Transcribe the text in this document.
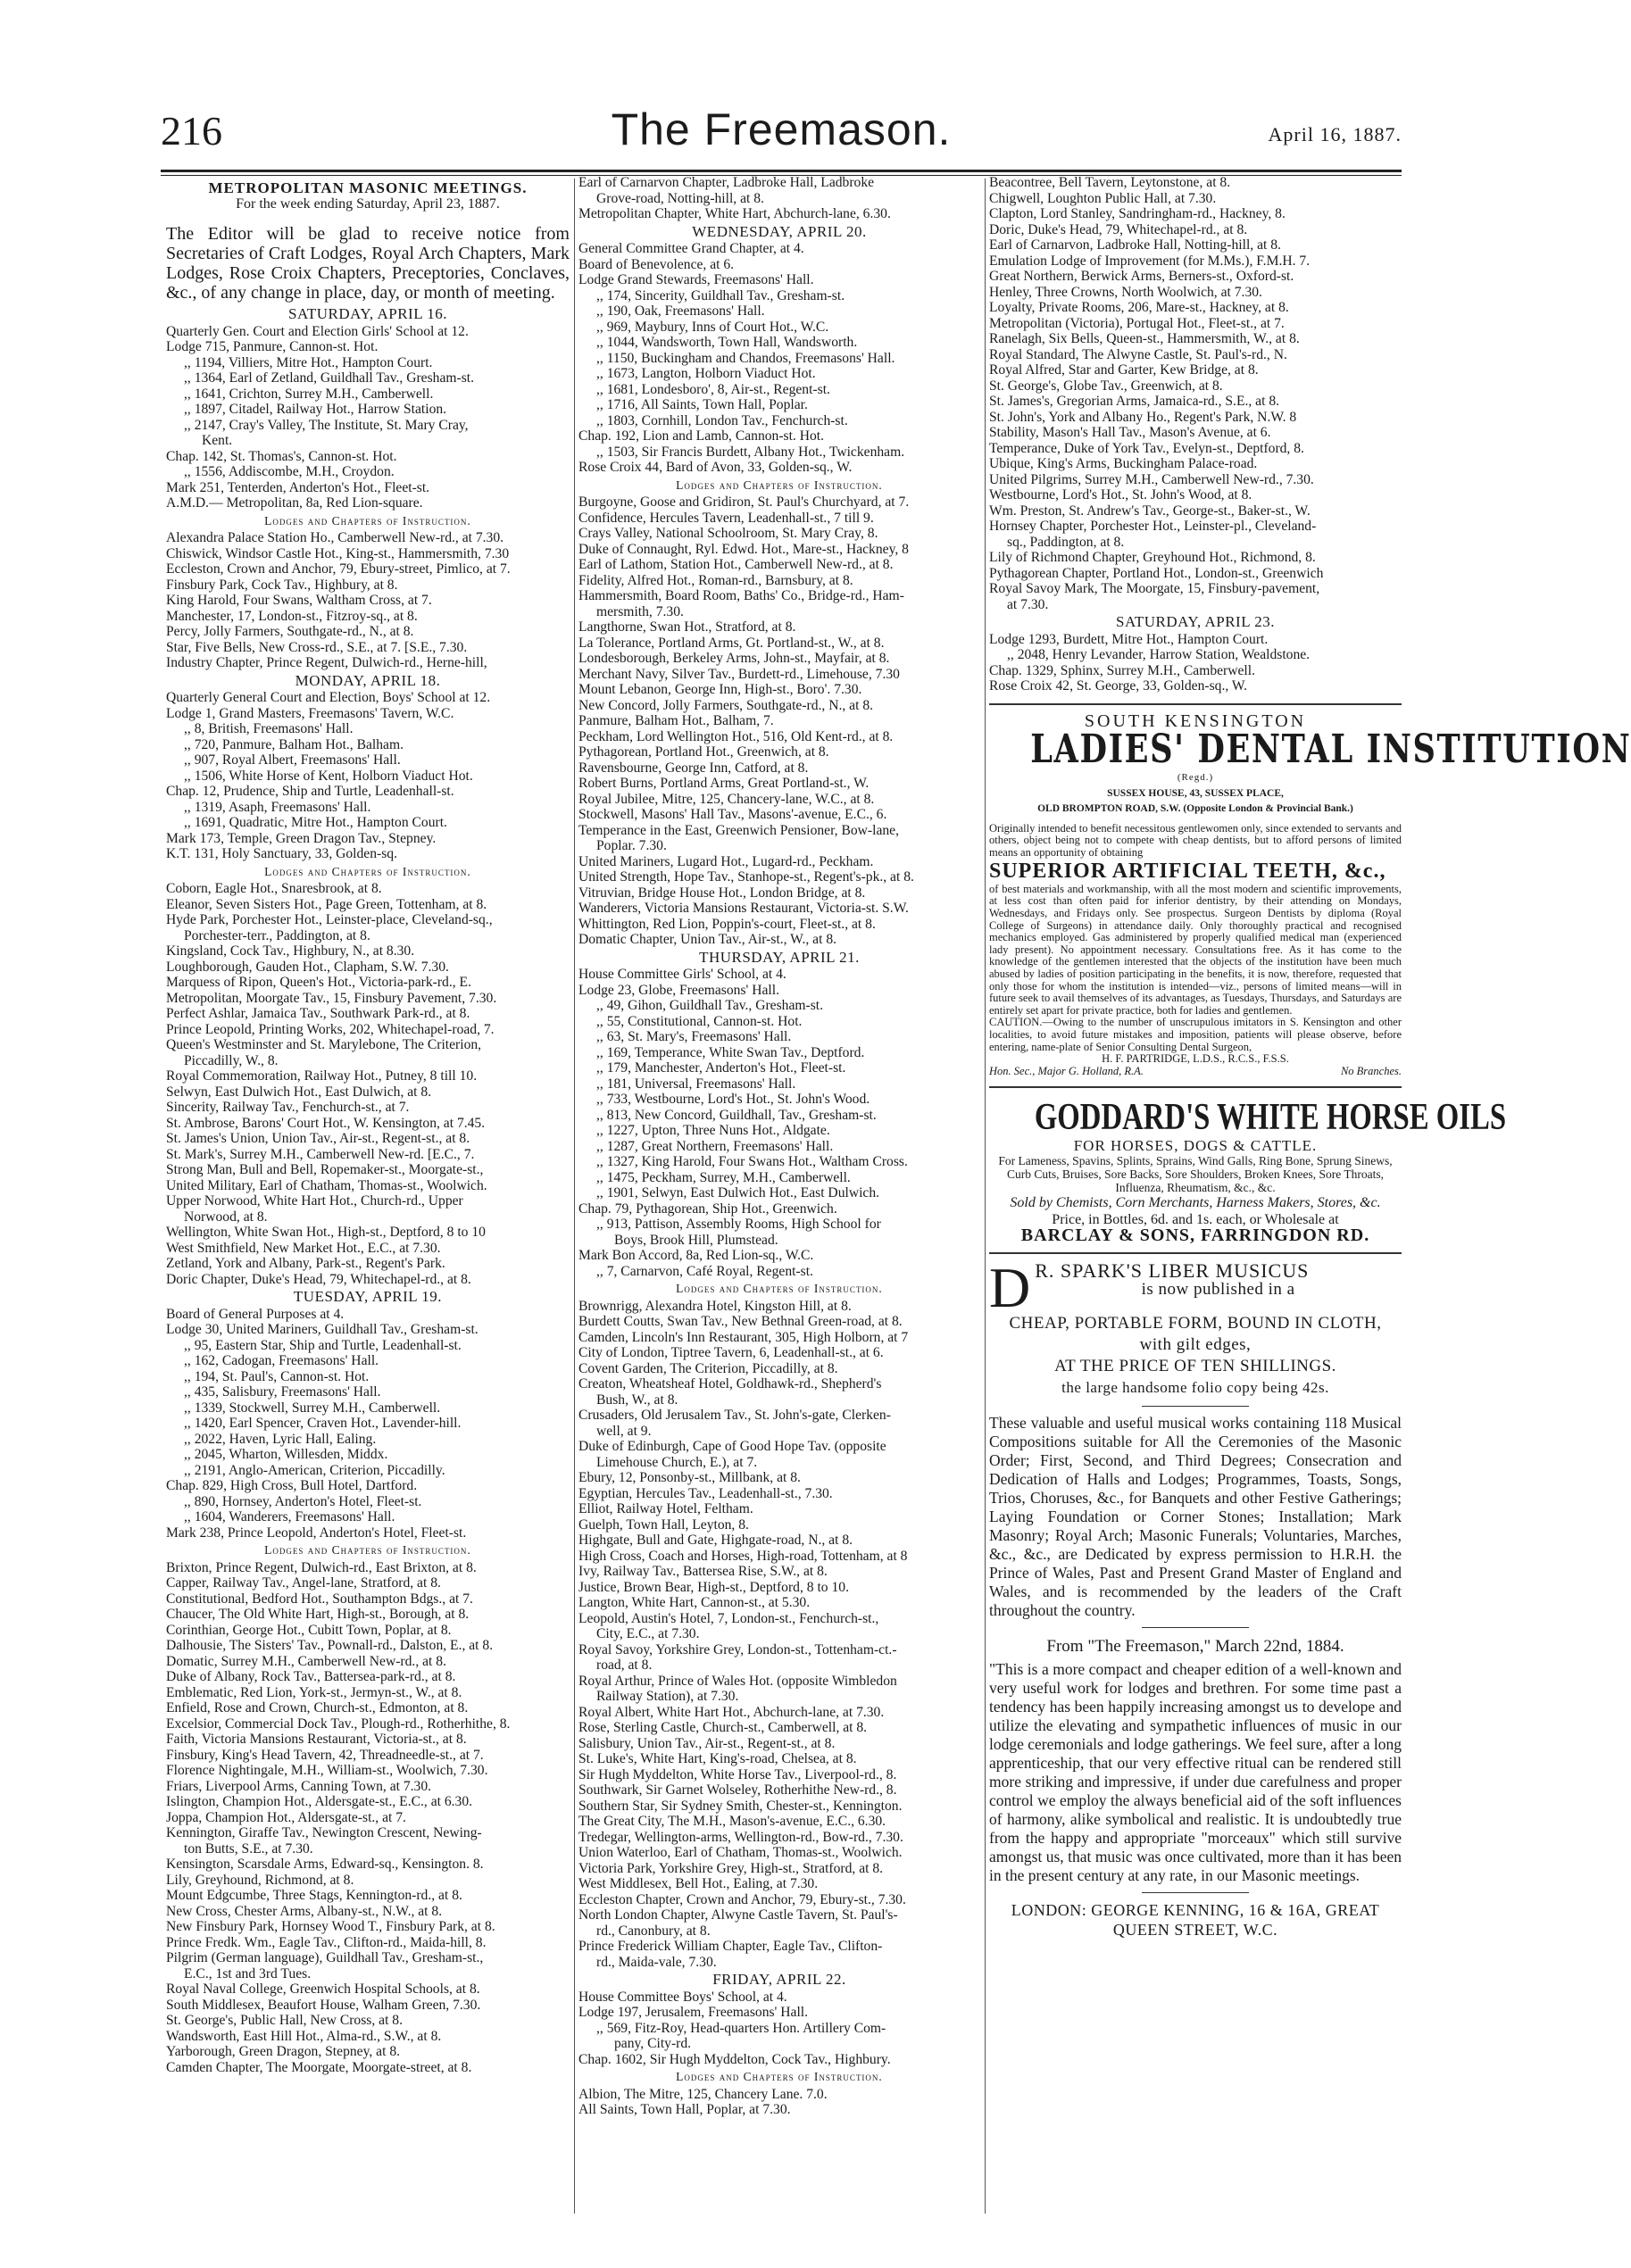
216	The Freemason.	April 16, 1887.
METROPOLITAN MASONIC MEETINGS.
For the week ending Saturday, April 23, 1887.
The Editor will be glad to receive notice from Secretaries of Craft Lodges, Royal Arch Chapters, Mark Lodges, Rose Croix Chapters, Preceptories, Conclaves, &c., of any change in place, day, or month of meeting.
SATURDAY, APRIL 16.
Quarterly Gen. Court and Election Girls' School at 12.
Lodge 715, Panmure, Cannon-st. Hot.
,, 1194, Villiers, Mitre Hot., Hampton Court.
,, 1364, Earl of Zetland, Guildhall Tav., Gresham-st.
,, 1641, Crichton, Surrey M.H., Camberwell.
,, 1897, Citadel, Railway Hot., Harrow Station.
,, 2147, Cray's Valley, The Institute, St. Mary Cray,
Kent.
Chap. 142, St. Thomas's, Cannon-st. Hot.
,, 1556, Addiscombe, M.H., Croydon.
Mark 251, Tenterden, Anderton's Hot., Fleet-st.
A.M.D.— Metropolitan, 8a, Red Lion-square.
Lodges and Chapters of Instruction.
Alexandra Palace Station Ho., Camberwell New-rd., at 7.30.
Chiswick, Windsor Castle Hot., King-st., Hammersmith, 7.30
Eccleston, Crown and Anchor, 79, Ebury-street, Pimlico, at 7.
Finsbury Park, Cock Tav., Highbury, at 8.
King Harold, Four Swans, Waltham Cross, at 7.
Manchester, 17, London-st., Fitzroy-sq., at 8.
Percy, Jolly Farmers, Southgate-rd., N., at 8.
Star, Five Bells, New Cross-rd., S.E., at 7. [S.E., 7.30.
Industry Chapter, Prince Regent, Dulwich-rd., Herne-hill,
MONDAY, APRIL 18.
Quarterly General Court and Election, Boys' School at 12.
Lodge 1, Grand Masters, Freemasons' Tavern, W.C.
,, 8, British, Freemasons' Hall.
,, 720, Panmure, Balham Hot., Balham.
,, 907, Royal Albert, Freemasons' Hall.
,, 1506, White Horse of Kent, Holborn Viaduct Hot.
Chap. 12, Prudence, Ship and Turtle, Leadenhall-st.
,, 1319, Asaph, Freemasons' Hall.
,, 1691, Quadratic, Mitre Hot., Hampton Court.
Mark 173, Temple, Green Dragon Tav., Stepney.
K.T. 131, Holy Sanctuary, 33, Golden-sq.
Lodges and Chapters of Instruction.
Coborn, Eagle Hot., Snaresbrook, at 8.
Eleanor, Seven Sisters Hot., Page Green, Tottenham, at 8.
Hyde Park, Porchester Hot., Leinster-place, Cleveland-sq.,
Porchester-terr., Paddington, at 8.
Kingsland, Cock Tav., Highbury, N., at 8.30.
Loughborough, Gauden Hot., Clapham, S.W. 7.30.
Marquess of Ripon, Queen's Hot., Victoria-park-rd., E.
Metropolitan, Moorgate Tav., 15, Finsbury Pavement, 7.30.
Perfect Ashlar, Jamaica Tav., Southwark Park-rd., at 8.
Prince Leopold, Printing Works, 202, Whitechapel-road, 7.
Queen's Westminster and St. Marylebone, The Criterion,
Piccadilly, W., 8.
Royal Commemoration, Railway Hot., Putney, 8 till 10.
Selwyn, East Dulwich Hot., East Dulwich, at 8.
Sincerity, Railway Tav., Fenchurch-st., at 7.
St. Ambrose, Barons' Court Hot., W. Kensington, at 7.45.
St. James's Union, Union Tav., Air-st., Regent-st., at 8.
St. Mark's, Surrey M.H., Camberwell New-rd. [E.C., 7.
Strong Man, Bull and Bell, Ropemaker-st., Moorgate-st.,
United Military, Earl of Chatham, Thomas-st., Woolwich.
Upper Norwood, White Hart Hot., Church-rd., Upper
Norwood, at 8.
Wellington, White Swan Hot., High-st., Deptford, 8 to 10
West Smithfield, New Market Hot., E.C., at 7.30.
Zetland, York and Albany, Park-st., Regent's Park.
Doric Chapter, Duke's Head, 79, Whitechapel-rd., at 8.
TUESDAY, APRIL 19.
Board of General Purposes at 4.
Lodge 30, United Mariners, Guildhall Tav., Gresham-st.
,, 95, Eastern Star, Ship and Turtle, Leadenhall-st.
,, 162, Cadogan, Freemasons' Hall.
,, 194, St. Paul's, Cannon-st. Hot.
,, 435, Salisbury, Freemasons' Hall.
,, 1339, Stockwell, Surrey M.H., Camberwell.
,, 1420, Earl Spencer, Craven Hot., Lavender-hill.
,, 2022, Haven, Lyric Hall, Ealing.
,, 2045, Wharton, Willesden, Middx.
,, 2191, Anglo-American, Criterion, Piccadilly.
Chap. 829, High Cross, Bull Hotel, Dartford.
,, 890, Hornsey, Anderton's Hotel, Fleet-st.
,, 1604, Wanderers, Freemasons' Hall.
Mark 238, Prince Leopold, Anderton's Hotel, Fleet-st.
Lodges and Chapters of Instruction.
Brixton, Prince Regent, Dulwich-rd., East Brixton, at 8.
Capper, Railway Tav., Angel-lane, Stratford, at 8.
Constitutional, Bedford Hot., Southampton Bdgs., at 7.
Chaucer, The Old White Hart, High-st., Borough, at 8.
Corinthian, George Hot., Cubitt Town, Poplar, at 8.
Dalhousie, The Sisters' Tav., Pownall-rd., Dalston, E., at 8.
Domatic, Surrey M.H., Camberwell New-rd., at 8.
Duke of Albany, Rock Tav., Battersea-park-rd., at 8.
Emblematic, Red Lion, York-st., Jermyn-st., W., at 8.
Enfield, Rose and Crown, Church-st., Edmonton, at 8.
Excelsior, Commercial Dock Tav., Plough-rd., Rotherhithe, 8.
Faith, Victoria Mansions Restaurant, Victoria-st., at 8.
Finsbury, King's Head Tavern, 42, Threadneedle-st., at 7.
Florence Nightingale, M.H., William-st., Woolwich, 7.30.
Friars, Liverpool Arms, Canning Town, at 7.30.
Islington, Champion Hot., Aldersgate-st., E.C., at 6.30.
Joppa, Champion Hot., Aldersgate-st., at 7.
Kennington, Giraffe Tav., Newington Crescent, Newing-
ton Butts, S.E., at 7.30.
Kensington, Scarsdale Arms, Edward-sq., Kensington. 8.
Lily, Greyhound, Richmond, at 8.
Mount Edgcumbe, Three Stags, Kennington-rd., at 8.
New Cross, Chester Arms, Albany-st., N.W., at 8.
New Finsbury Park, Hornsey Wood T., Finsbury Park, at 8.
Prince Fredk. Wm., Eagle Tav., Clifton-rd., Maida-hill, 8.
Pilgrim (German language), Guildhall Tav., Gresham-st.,
E.C., 1st and 3rd Tues.
Royal Naval College, Greenwich Hospital Schools, at 8.
South Middlesex, Beaufort House, Walham Green, 7.30.
St. George's, Public Hall, New Cross, at 8.
Wandsworth, East Hill Hot., Alma-rd., S.W., at 8.
Yarborough, Green Dragon, Stepney, at 8.
Camden Chapter, The Moorgate, Moorgate-street, at 8.
Earl of Carnarvon Chapter, Ladbroke Hall, Ladbroke
Grove-road, Notting-hill, at 8.
Metropolitan Chapter, White Hart, Abchurch-lane, 6.30.
WEDNESDAY, APRIL 20.
General Committee Grand Chapter, at 4.
Board of Benevolence, at 6.
Lodge Grand Stewards, Freemasons' Hall.
,, 174, Sincerity, Guildhall Tav., Gresham-st.
,, 190, Oak, Freemasons' Hall.
,, 969, Maybury, Inns of Court Hot., W.C.
,, 1044, Wandsworth, Town Hall, Wandsworth.
,, 1150, Buckingham and Chandos, Freemasons' Hall.
,, 1673, Langton, Holborn Viaduct Hot.
,, 1681, Londesboro', 8, Air-st., Regent-st.
,, 1716, All Saints, Town Hall, Poplar.
,, 1803, Cornhill, London Tav., Fenchurch-st.
Chap. 192, Lion and Lamb, Cannon-st. Hot.
,, 1503, Sir Francis Burdett, Albany Hot., Twickenham.
Rose Croix 44, Bard of Avon, 33, Golden-sq., W.
Lodges and Chapters of Instruction.
Burgoyne, Goose and Gridiron, St. Paul's Churchyard, at 7.
Confidence, Hercules Tavern, Leadenhall-st., 7 till 9.
Crays Valley, National Schoolroom, St. Mary Cray, 8.
Duke of Connaught, Ryl. Edwd. Hot., Mare-st., Hackney, 8
Earl of Lathom, Station Hot., Camberwell New-rd., at 8.
Fidelity, Alfred Hot., Roman-rd., Barnsbury, at 8.
Hammersmith, Board Room, Baths' Co., Bridge-rd., Ham-
mersmith, 7.30.
Langthorne, Swan Hot., Stratford, at 8.
La Tolerance, Portland Arms, Gt. Portland-st., W., at 8.
Londesborough, Berkeley Arms, John-st., Mayfair, at 8.
Merchant Navy, Silver Tav., Burdett-rd., Limehouse, 7.30
Mount Lebanon, George Inn, High-st., Boro'. 7.30.
New Concord, Jolly Farmers, Southgate-rd., N., at 8.
Panmure, Balham Hot., Balham, 7.
Peckham, Lord Wellington Hot., 516, Old Kent-rd., at 8.
Pythagorean, Portland Hot., Greenwich, at 8.
Ravensbourne, George Inn, Catford, at 8.
Robert Burns, Portland Arms, Great Portland-st., W.
Royal Jubilee, Mitre, 125, Chancery-lane, W.C., at 8.
Stockwell, Masons' Hall Tav., Masons'-avenue, E.C., 6.
Temperance in the East, Greenwich Pensioner, Bow-lane,
Poplar. 7.30.
United Mariners, Lugard Hot., Lugard-rd., Peckham.
United Strength, Hope Tav., Stanhope-st., Regent's-pk., at 8.
Vitruvian, Bridge House Hot., London Bridge, at 8.
Wanderers, Victoria Mansions Restaurant, Victoria-st. S.W.
Whittington, Red Lion, Poppin's-court, Fleet-st., at 8.
Domatic Chapter, Union Tav., Air-st., W., at 8.
THURSDAY, APRIL 21.
House Committee Girls' School, at 4.
Lodge 23, Globe, Freemasons' Hall.
,, 49, Gihon, Guildhall Tav., Gresham-st.
,, 55, Constitutional, Cannon-st. Hot.
,, 63, St. Mary's, Freemasons' Hall.
,, 169, Temperance, White Swan Tav., Deptford.
,, 179, Manchester, Anderton's Hot., Fleet-st.
,, 181, Universal, Freemasons' Hall.
,, 733, Westbourne, Lord's Hot., St. John's Wood.
,, 813, New Concord, Guildhall, Tav., Gresham-st.
,, 1227, Upton, Three Nuns Hot., Aldgate.
,, 1287, Great Northern, Freemasons' Hall.
,, 1327, King Harold, Four Swans Hot., Waltham Cross.
,, 1475, Peckham, Surrey, M.H., Camberwell.
,, 1901, Selwyn, East Dulwich Hot., East Dulwich.
Chap. 79, Pythagorean, Ship Hot., Greenwich.
,, 913, Pattison, Assembly Rooms, High School for
Boys, Brook Hill, Plumstead.
Mark Bon Accord, 8a, Red Lion-sq., W.C.
,, 7, Carnarvon, Café Royal, Regent-st.
Lodges and Chapters of Instruction.
Brownrigg, Alexandra Hotel, Kingston Hill, at 8.
Burdett Coutts, Swan Tav., New Bethnal Green-road, at 8.
Camden, Lincoln's Inn Restaurant, 305, High Holborn, at 7
City of London, Tiptree Tavern, 6, Leadenhall-st., at 6.
Covent Garden, The Criterion, Piccadilly, at 8.
Creaton, Wheatsheaf Hotel, Goldhawk-rd., Shepherd's
Bush, W., at 8.
Crusaders, Old Jerusalem Tav., St. John's-gate, Clerken-
well, at 9.
Duke of Edinburgh, Cape of Good Hope Tav. (opposite
Limehouse Church, E.), at 7.
Ebury, 12, Ponsonby-st., Millbank, at 8.
Egyptian, Hercules Tav., Leadenhall-st., 7.30.
Elliot, Railway Hotel, Feltham.
Guelph, Town Hall, Leyton, 8.
Highgate, Bull and Gate, Highgate-road, N., at 8.
High Cross, Coach and Horses, High-road, Tottenham, at 8
Ivy, Railway Tav., Battersea Rise, S.W., at 8.
Justice, Brown Bear, High-st., Deptford, 8 to 10.
Langton, White Hart, Cannon-st., at 5.30.
Leopold, Austin's Hotel, 7, London-st., Fenchurch-st.,
City, E.C., at 7.30.
Royal Savoy, Yorkshire Grey, London-st., Tottenham-ct.-
road, at 8.
Royal Arthur, Prince of Wales Hot. (opposite Wimbledon
Railway Station), at 7.30.
Royal Albert, White Hart Hot., Abchurch-lane, at 7.30.
Rose, Sterling Castle, Church-st., Camberwell, at 8.
Salisbury, Union Tav., Air-st., Regent-st., at 8.
St. Luke's, White Hart, King's-road, Chelsea, at 8.
Sir Hugh Myddelton, White Horse Tav., Liverpool-rd., 8.
Southwark, Sir Garnet Wolseley, Rotherhithe New-rd., 8.
Southern Star, Sir Sydney Smith, Chester-st., Kennington.
The Great City, The M.H., Mason's-avenue, E.C., 6.30.
Tredegar, Wellington-arms, Wellington-rd., Bow-rd., 7.30.
Union Waterloo, Earl of Chatham, Thomas-st., Woolwich.
Victoria Park, Yorkshire Grey, High-st., Stratford, at 8.
West Middlesex, Bell Hot., Ealing, at 7.30.
Eccleston Chapter, Crown and Anchor, 79, Ebury-st., 7.30.
North London Chapter, Alwyne Castle Tavern, St. Paul's-
rd., Canonbury, at 8.
Prince Frederick William Chapter, Eagle Tav., Clifton-
rd., Maida-vale, 7.30.
FRIDAY, APRIL 22.
House Committee Boys' School, at 4.
Lodge 197, Jerusalem, Freemasons' Hall.
,, 569, Fitz-Roy, Head-quarters Hon. Artillery Com-
pany, City-rd.
Chap. 1602, Sir Hugh Myddelton, Cock Tav., Highbury.
Lodges and Chapters of Instruction.
Albion, The Mitre, 125, Chancery Lane. 7.0.
All Saints, Town Hall, Poplar, at 7.30.
Beacontree, Bell Tavern, Leytonstone, at 8.
Chigwell, Loughton Public Hall, at 7.30.
Clapton, Lord Stanley, Sandringham-rd., Hackney, 8.
Doric, Duke's Head, 79, Whitechapel-rd., at 8.
Earl of Carnarvon, Ladbroke Hall, Notting-hill, at 8.
Emulation Lodge of Improvement (for M.Ms.), F.M.H. 7.
Great Northern, Berwick Arms, Berners-st., Oxford-st.
Henley, Three Crowns, North Woolwich, at 7.30.
Loyalty, Private Rooms, 206, Mare-st., Hackney, at 8.
Metropolitan (Victoria), Portugal Hot., Fleet-st., at 7.
Ranelagh, Six Bells, Queen-st., Hammersmith, W., at 8.
Royal Standard, The Alwyne Castle, St. Paul's-rd., N.
Royal Alfred, Star and Garter, Kew Bridge, at 8.
St. George's, Globe Tav., Greenwich, at 8.
St. James's, Gregorian Arms, Jamaica-rd., S.E., at 8.
St. John's, York and Albany Ho., Regent's Park, N.W. 8
Stability, Mason's Hall Tav., Mason's Avenue, at 6.
Temperance, Duke of York Tav., Evelyn-st., Deptford, 8.
Ubique, King's Arms, Buckingham Palace-road.
United Pilgrims, Surrey M.H., Camberwell New-rd., 7.30.
Westbourne, Lord's Hot., St. John's Wood, at 8.
Wm. Preston, St. Andrew's Tav., George-st., Baker-st., W.
Hornsey Chapter, Porchester Hot., Leinster-pl., Cleveland-
sq., Paddington, at 8.
Lily of Richmond Chapter, Greyhound Hot., Richmond, 8.
Pythagorean Chapter, Portland Hot., London-st., Greenwich
Royal Savoy Mark, The Moorgate, 15, Finsbury-pavement,
at 7.30.
SATURDAY, APRIL 23.
Lodge 1293, Burdett, Mitre Hot., Hampton Court.
,, 2048, Henry Levander, Harrow Station, Wealdstone.
Chap. 1329, Sphinx, Surrey M.H., Camberwell.
Rose Croix 42, St. George, 33, Golden-sq., W.
SOUTH KENSINGTON
LADIES' DENTAL INSTITUTION
(Regd.)
SUSSEX HOUSE, 43, SUSSEX PLACE,
OLD BROMPTON ROAD, S.W. (Opposite London & Provincial Bank.)
Originally intended to benefit necessitous gentlewomen only, since extended to servants and others, object being not to compete with cheap dentists, but to afford persons of limited means an opportunity of obtaining
SUPERIOR ARTIFICIAL TEETH, &c.,
of best materials and workmanship, with all the most modern and scientific improvements, at less cost than often paid for inferior dentistry, by their attending on Mondays, Wednesdays, and Fridays only. See prospectus. Surgeon Dentists by diploma (Royal College of Surgeons) in attendance daily. Only thoroughly practical and recognised mechanics employed. Gas administered by properly qualified medical man (experienced lady present). No appointment necessary. Consultations free. As it has come to the knowledge of the gentlemen interested that the objects of the institution have been much abused by ladies of position participating in the benefits, it is now, therefore, requested that only those for whom the institution is intended—viz., persons of limited means—will in future seek to avail themselves of its advantages, as Tuesdays, Thursdays, and Saturdays are entirely set apart for private practice, both for ladies and gentlemen.
CAUTION.—Owing to the number of unscrupulous imitators in S. Kensington and other localities, to avoid future mistakes and imposition, patients will please observe, before entering, name-plate of Senior Consulting Dental Surgeon,
H. F. PARTRIDGE, L.D.S., R.C.S., F.S.S.
Hon. Sec., Major G. Holland, R.A.	No Branches.
GODDARD'S WHITE HORSE OILS
FOR HORSES, DOGS & CATTLE.
For Lameness, Spavins, Splints, Sprains, Wind Galls, Ring Bone, Sprung Sinews, Curb Cuts, Bruises, Sore Backs, Sore Shoulders, Broken Knees, Sore Throats, Influenza, Rheumatism, &c., &c.
Sold by Chemists, Corn Merchants, Harness Makers, Stores, &c.
Price, in Bottles, 6d. and 1s. each, or Wholesale at
BARCLAY & SONS, FARRINGDON RD.
D R. SPARK'S LIBER MUSICUS
is now published in a
CHEAP, PORTABLE FORM, BOUND IN CLOTH,
with gilt edges,
AT THE PRICE OF TEN SHILLINGS.
the large handsome folio copy being 42s.
These valuable and useful musical works containing 118 Musical Compositions suitable for All the Ceremonies of the Masonic Order; First, Second, and Third Degrees; Consecration and Dedication of Halls and Lodges; Programmes, Toasts, Songs, Trios, Choruses, &c., for Banquets and other Festive Gatherings; Laying Foundation or Corner Stones; Installation; Mark Masonry; Royal Arch; Masonic Funerals; Voluntaries, Marches, &c., &c., are Dedicated by express permission to H.R.H. the Prince of Wales, Past and Present Grand Master of England and Wales, and is recommended by the leaders of the Craft throughout the country.
From "The Freemason," March 22nd, 1884.
"This is a more compact and cheaper edition of a well-known and very useful work for lodges and brethren. For some time past a tendency has been happily increasing amongst us to develope and utilize the elevating and sympathetic influences of music in our lodge ceremonials and lodge gatherings. We feel sure, after a long apprenticeship, that our very effective ritual can be rendered still more striking and impressive, if under due carefulness and proper control we employ the always beneficial aid of the soft influences of harmony, alike symbolical and realistic. It is undoubtedly true from the happy and appropriate "morceaux" which still survive amongst us, that music was once cultivated, more than it has been in the present century at any rate, in our Masonic meetings.
LONDON: GEORGE KENNING, 16 & 16A, GREAT
QUEEN STREET, W.C.
